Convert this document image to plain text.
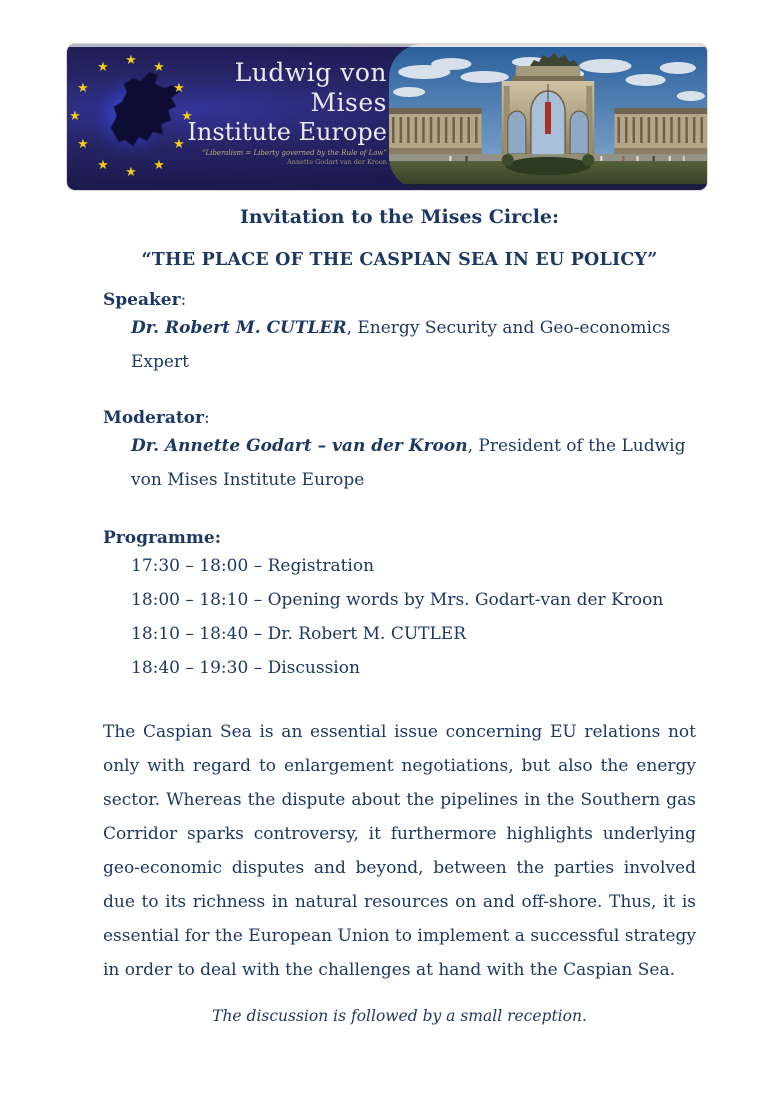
★ ★
★
★
★
★
★
★
★
★
★
★	Ludwig von Mises
Institute Europe
“Liberalism = Liberty governed by the Rule of Law”
Annette Godart van der Kroon
Invitation to the Mises Circle:
“THE PLACE OF THE CASPIAN SEA IN EU POLICY”
Speaker:
Dr. Robert M. CUTLER, Energy Security and Geo-economics Expert
Moderator:
Dr. Annette Godart – van der Kroon, President of the Ludwig von Mises Institute Europe
Programme:
17:30 – 18:00 – Registration
18:00 – 18:10 – Opening words by Mrs. Godart-van der Kroon
18:10 – 18:40 – Dr. Robert M. CUTLER
18:40 – 19:30 – Discussion

The Caspian Sea is an essential issue concerning EU relations not only with regard to enlargement negotiations, but also the energy sector. Whereas the dispute about the pipelines in the Southern gas Corridor sparks controversy, it furthermore highlights underlying geo-economic disputes and beyond, between the parties involved due to its richness in natural resources on and off-shore. Thus, it is essential for the European Union to implement a successful strategy in order to deal with the challenges at hand with the Caspian Sea.

The discussion is followed by a small reception.
